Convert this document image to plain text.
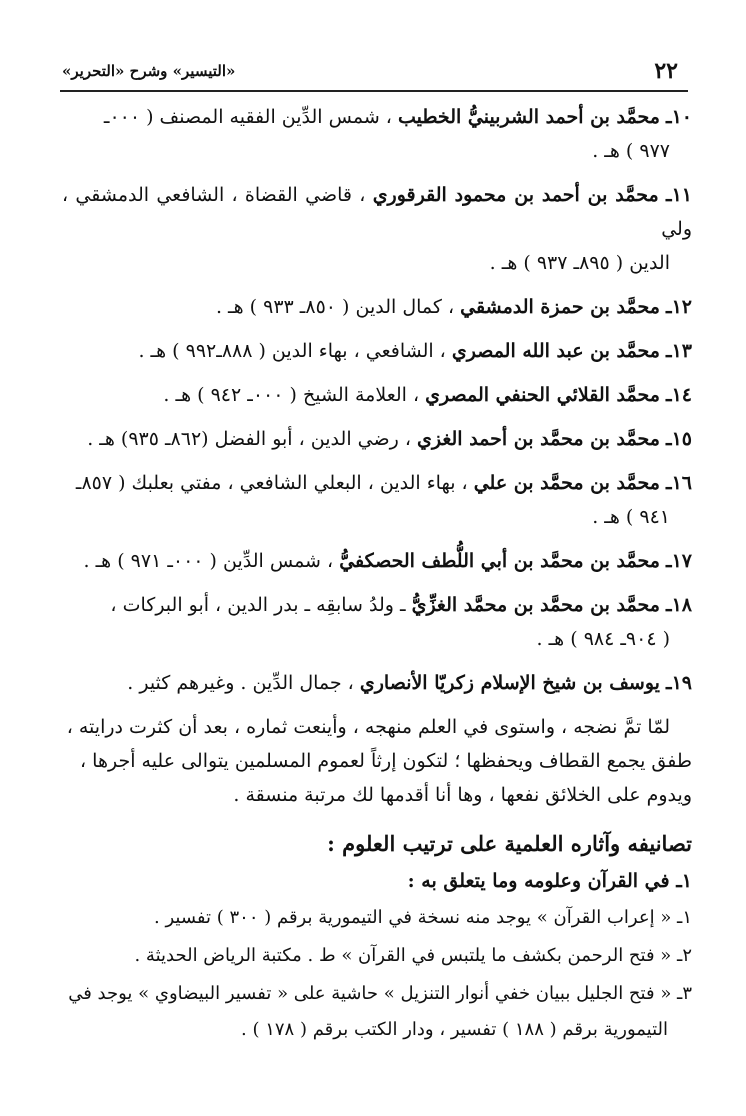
٢٢
«التيسير» وشرح «التحرير»
١٠ـ محمَّد بن أحمد الشربينيُّ الخطيب ، شمس الدِّين الفقيه المصنف ( ٠٠٠ـ
٩٧٧ ) هـ .
١١ـ محمَّد بن أحمد بن محمود القرقوري ، قاضي القضاة ، الشافعي الدمشقي ، ولي
الدين ( ٨٩٥ـ ٩٣٧ ) هـ .
١٢ـ محمَّد بن حمزة الدمشقي ، كمال الدين ( ٨٥٠ـ ٩٣٣ ) هـ .
١٣ـ محمَّد بن عبد الله المصري ، الشافعي ، بهاء الدين ( ٨٨٨ـ٩٩٢ ) هـ .
١٤ـ محمَّد القلائي الحنفي المصري ، العلامة الشيخ ( ٠٠٠ـ ٩٤٢ ) هـ .
١٥ـ محمَّد بن محمَّد بن أحمد الغزي ، رضي الدين ، أبو الفضل (٨٦٢ـ ٩٣٥) هـ .
١٦ـ محمَّد بن محمَّد بن علي ، بهاء الدين ، البعلي الشافعي ، مفتي بعلبك ( ٨٥٧ـ
٩٤١ ) هـ .
١٧ـ محمَّد بن محمَّد بن أبي اللُّطف الحصكفيُّ ، شمس الدِّين ( ٠٠٠ـ ٩٧١ ) هـ .
١٨ـ محمَّد بن محمَّد بن محمَّد الغزِّيُّ ـ ولدُ سابقِه ـ بدر الدين ، أبو البركات ،
( ٩٠٤ـ ٩٨٤ ) هـ .
١٩ـ يوسف بن شيخ الإسلام زكريّا الأنصاري ، جمال الدِّين . وغيرهم كثير .
لمّا تمَّ نضجه ، واستوى في العلم منهجه ، وأينعت ثماره ، بعد أن كثرت درايته ،
طفق يجمع القطاف ويحفظها ؛ لتكون إرثاً لعموم المسلمين يتوالى عليه أجرها ،
ويدوم على الخلائق نفعها ، وها أنا أقدمها لك مرتبة منسقة .
تصانيفه وآثاره العلمية على ترتيب العلوم :
١ـ في القرآن وعلومه وما يتعلق به :
١ـ « إعراب القرآن » يوجد منه نسخة في التيمورية برقم ( ٣٠٠ ) تفسير .
٢ـ « فتح الرحمن بكشف ما يلتبس في القرآن » ط . مكتبة الرياض الحديثة .
٣ـ « فتح الجليل ببيان خفي أنوار التنزيل » حاشية على « تفسير البيضاوي » يوجد في
التيمورية برقم ( ١٨٨ ) تفسير ، ودار الكتب برقم ( ١٧٨ ) .
